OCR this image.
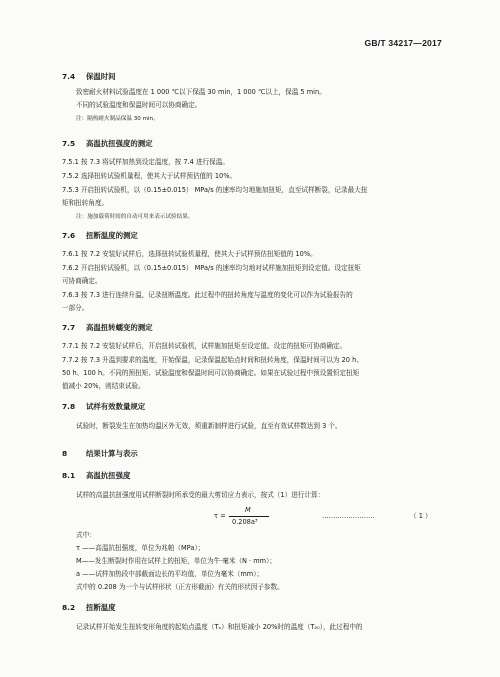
GB/T 34217—2017
7.4 保温时间
致密耐火材料试验温度在 1 000 ℃以下保温 30 min，1 000 ℃以上，保温 5 min。
不同的试验温度和保温时间可以协商确定。
注：隔热耐火制品保温 30 min。
7.5 高温抗扭强度的测定
7.5.1 按 7.3 将试样加热到设定温度，按 7.4 进行保温。
7.5.2 选择扭转试验机量程，使其大于试样预估值的 10%。
7.5.3 开启扭转试验机，以（0.15±0.015） MPa/s 的速率均匀地施加扭矩，直至试样断裂，记录最大扭
矩和扭转角度。
注：施加载荷时间的自动可用来表示试验结果。
7.6 扭断温度的测定
7.6.1 按 7.2 安装好试样后，选择扭转试验机量程，使其大于试样预估扭矩值的 10%。
7.6.2 开启扭转试验机，以（0.15±0.015） MPa/s 的速率均匀地对试样施加扭矩到设定值。设定扭矩
可协商确定。
7.6.3 按 7.3 进行连续升温，记录扭断温度。此过程中的扭转角度与温度的变化可以作为试验报告的
一部分。
7.7 高温扭转蠕变的测定
7.7.1 按 7.2 安装好试样后，开启扭转试验机，试样施加扭矩至设定值。设定的扭矩可协商确定。
7.7.2 按 7.3 升温到要求的温度，开始保温，记录保温起始点时间和扭转角度，保温时间可以为 20 h、
50 h、100 h。不同的预扭矩、试验温度和保温时间可以协商确定。如果在试验过程中预设置恒定扭矩
值减小 20%，则结束试验。
7.8 试样有效数量规定
试验时，断裂发生在加热均温区外无效，须重新制样进行试验，直至有效试样数达到 3 个。
8	结果计算与表示
8.1 高温抗扭强度
试样的高温抗扭强度用试样断裂时所承受的最大剪切应力表示，按式（1）进行计算：
τ =
M
0.208a³
……………………	（ 1 ）
式中：
τ ——高温抗扭强度，单位为兆帕（MPa）；
M——发生断裂时作用在试样上的扭矩，单位为牛·毫米（N · mm）；
a ——试样加热段中部截面边长的平均值，单位为毫米（mm）；
式中的 0.208 为一个与试样形状（正方形截面）有关的形状因子参数。
8.2 扭断温度
记录试样开始发生扭转变形角度的起始点温度（Tₐ）和扭矩减小 20%时的温度（T₂₀），此过程中的
